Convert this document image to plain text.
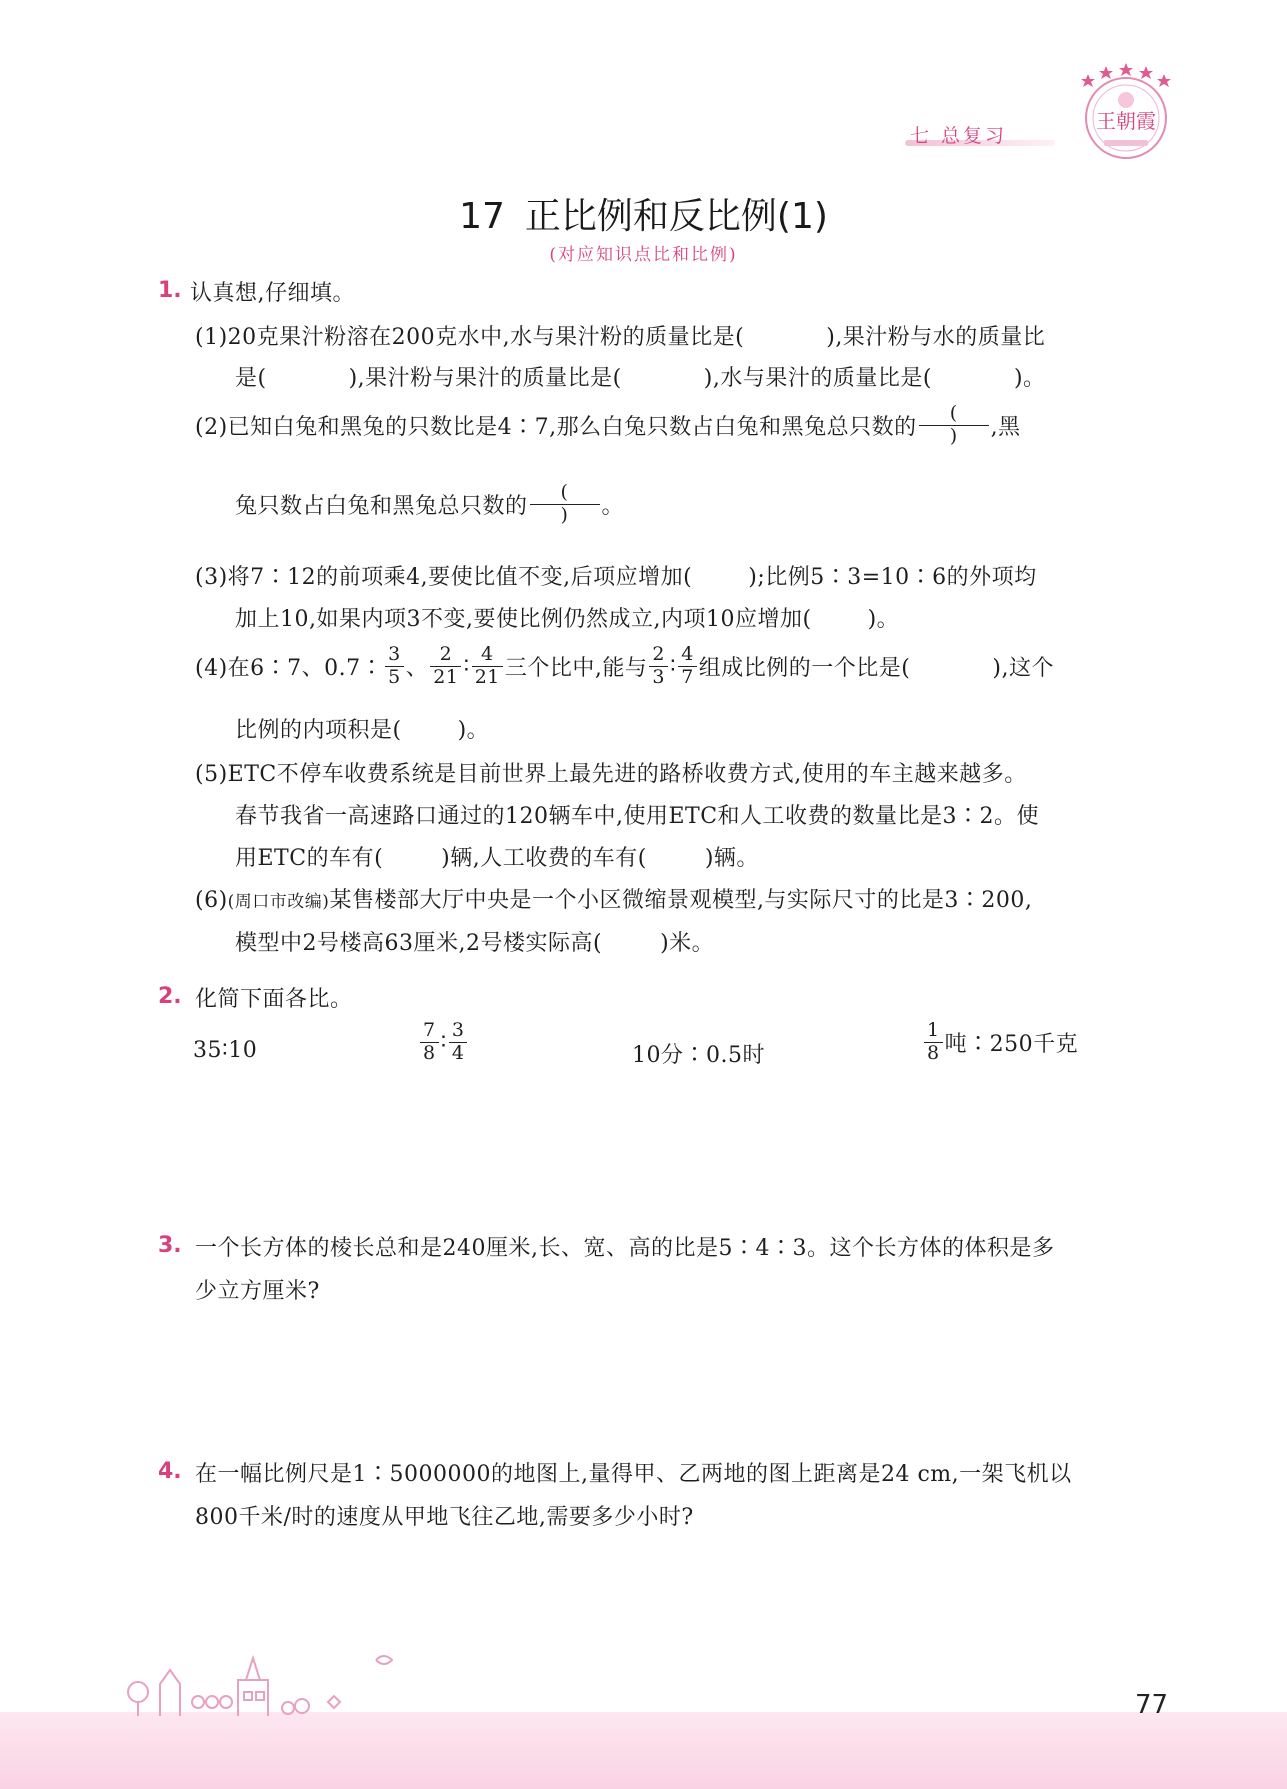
七 总复习
王朝霞
17 正比例和反比例(1)
(对应知识点比和比例)
1. 认真想,仔细填。
(1)20克果汁粉溶在200克水中,水与果汁粉的质量比是(	),果汁粉与水的质量比
是(	),果汁粉与果汁的质量比是(	),水与果汁的质量比是(	)。
(2)已知白兔和黑兔的只数比是4∶7,那么白兔只数占白兔和黑兔总只数的 $\frac{(}{)}$ ,黑
兔只数占白兔和黑兔总只数的 $\frac{(}{)}$ 。
(3)将7∶12的前项乘4,要使比值不变,后项应增加(	);比例5∶3=10∶6的外项均
加上10,如果内项3不变,要使比例仍然成立,内项10应增加(	)。
(4)在6∶7、0.7∶ $\frac{3}{5}$ 、 $\frac{2}{21}$ ∶ $\frac{4}{21}$ 三个比中,能与 $\frac{2}{3}$ ∶ $\frac{4}{7}$ 组成比例的一个比是(	),这个
比例的内项积是(	)。
(5)ETC不停车收费系统是目前世界上最先进的路桥收费方式,使用的车主越来越多。
春节我省一高速路口通过的120辆车中,使用ETC和人工收费的数量比是3∶2。使
用ETC的车有(	)辆,人工收费的车有(	)辆。
(6)(周口市改编)某售楼部大厅中央是一个小区微缩景观模型,与实际尺寸的比是3∶200,
模型中2号楼高63厘米,2号楼实际高(	)米。
2. 化简下面各比。
35∶10	$\frac{7}{8}$ ∶ $\frac{3}{4}$	10分∶0.5时	$\frac{1}{8}$ 吨∶250千克
3. 一个长方体的棱长总和是240厘米,长、宽、高的比是5∶4∶3。这个长方体的体积是多
少立方厘米?
4. 在一幅比例尺是1∶5000000的地图上,量得甲、乙两地的图上距离是24 cm,一架飞机以
800千米/时的速度从甲地飞往乙地,需要多少小时?
77
